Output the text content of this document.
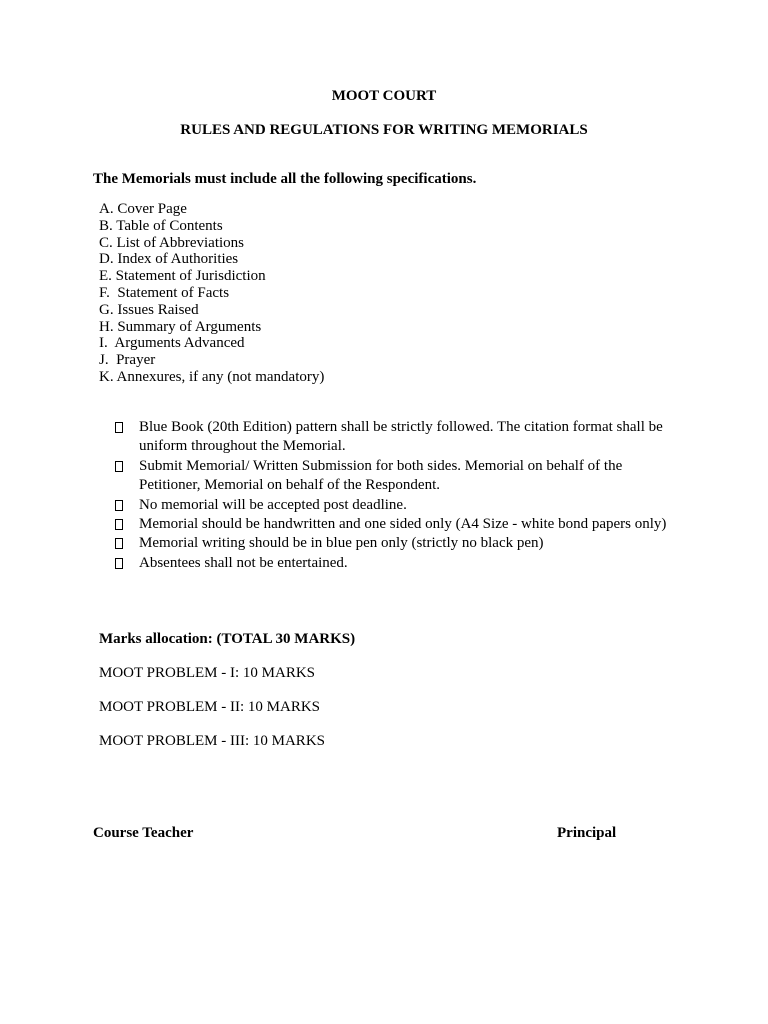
MOOT COURT
RULES AND REGULATIONS FOR WRITING MEMORIALS
The Memorials must include all the following specifications.
A. Cover Page
B. Table of Contents
C. List of Abbreviations
D. Index of Authorities
E. Statement of Jurisdiction
F.  Statement of Facts
G. Issues Raised
H. Summary of Arguments
I.  Arguments Advanced
J.  Prayer
K. Annexures, if any (not mandatory)
Blue Book (20th Edition) pattern shall be strictly followed. The citation format shall be uniform throughout the Memorial.
Submit Memorial/ Written Submission for both sides. Memorial on behalf of the Petitioner, Memorial on behalf of the Respondent.
No memorial will be accepted post deadline.
Memorial should be handwritten and one sided only (A4 Size - white bond papers only)
Memorial writing should be in blue pen only (strictly no black pen)
Absentees shall not be entertained.
Marks allocation: (TOTAL 30 MARKS)
MOOT PROBLEM - I: 10 MARKS
MOOT PROBLEM - II: 10 MARKS
MOOT PROBLEM - III: 10 MARKS
Course Teacher	Principal
